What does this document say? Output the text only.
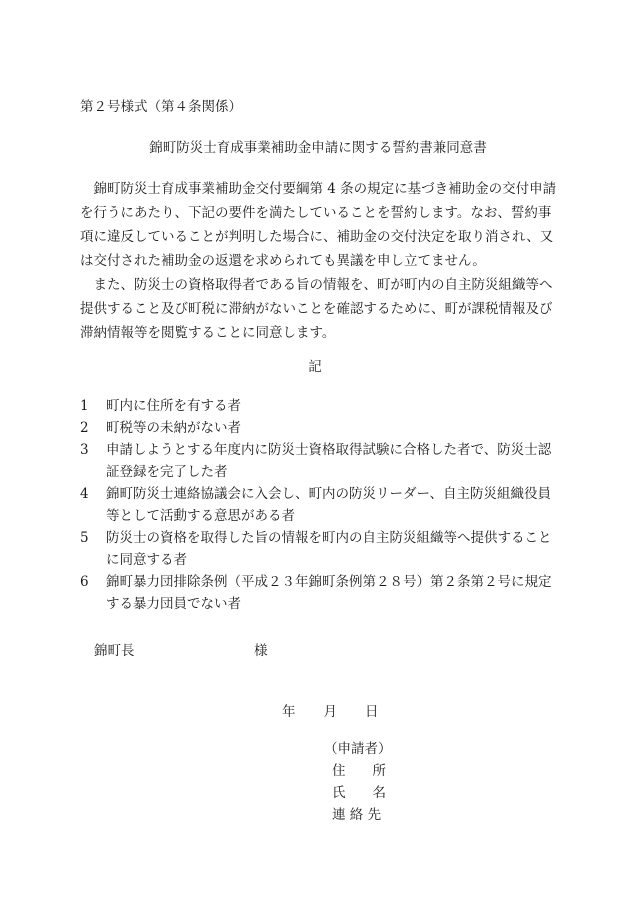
第２号様式（第４条関係）
錦町防災士育成事業補助金申請に関する誓約書兼同意書

錦町防災士育成事業補助金交付要綱第 4 条の規定に基づき補助金の交付申請を行うにあたり、下記の要件を満たしていることを誓約します。なお、誓約事項に違反していることが判明した場合に、補助金の交付決定を取り消され、又は交付された補助金の返還を求められても異議を申し立てません。

また、防災士の資格取得者である旨の情報を、町が町内の自主防災組織等へ提供すること及び町税に滞納がないことを確認するために、町が課税情報及び滞納情報等を閲覧することに同意します。

記
1	町内に住所を有する者
2	町税等の未納がない者
3	申請しようとする年度内に防災士資格取得試験に合格した者で、防災士認証登録を完了した者
4	錦町防災士連絡協議会に入会し、町内の防災リーダー、自主防災組織役員等として活動する意思がある者
5	防災士の資格を取得した旨の情報を町内の自主防災組織等へ提供することに同意する者
6	錦町暴力団排除条例（平成２３年錦町条例第２８号）第２条第２号に規定する暴力団員でない者
錦町長	様
年 月 日
（申請者）
住　　所
氏　　名
連 絡 先
